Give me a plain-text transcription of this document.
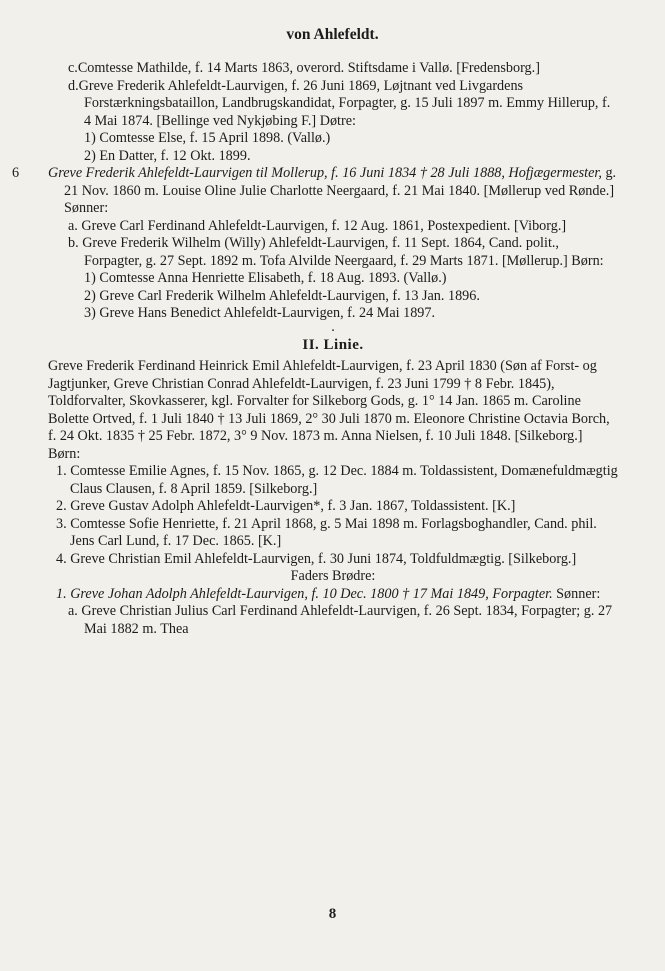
von Ahlefeldt.

c.Comtesse Mathilde, f. 14 Marts 1863, overord. Stiftsdame i Vallø. [Fredensborg.]

d.Greve Frederik Ahlefeldt-Laurvigen, f. 26 Juni 1869, Løjtnant ved Livgardens Forstærkningsbataillon, Landbrugskandidat, Forpagter, g. 15 Juli 1897 m. Emmy Hillerup, f. 4 Mai 1874. [Bellinge ved Nykjøbing F.] Døtre:

1) Comtesse Else, f. 15 April 1898. (Vallø.)

2) En Datter, f. 12 Okt. 1899.

6	Greve Frederik Ahlefeldt-Laurvigen til Mollerup, f. 16 Juni 1834 † 28 Juli 1888, Hofjægermester, g. 21 Nov. 1860 m. Louise Oline Julie Charlotte Neergaard, f. 21 Mai 1840. [Møllerup ved Rønde.] Sønner:

a. Greve Carl Ferdinand Ahlefeldt-Laurvigen, f. 12 Aug. 1861, Postexpedient. [Viborg.]

b. Greve Frederik Wilhelm (Willy) Ahlefeldt-Laurvigen, f. 11 Sept. 1864, Cand. polit., Forpagter, g. 27 Sept. 1892 m. Tofa Alvilde Neergaard, f. 29 Marts 1871. [Møllerup.] Børn:

1) Comtesse Anna Henriette Elisabeth, f. 18 Aug. 1893. (Vallø.)

2) Greve Carl Frederik Wilhelm Ahlefeldt-Laurvigen, f. 13 Jan. 1896.

3) Greve Hans Benedict Ahlefeldt-Laurvigen, f. 24 Mai 1897.

.

II. Linie.

Greve Frederik Ferdinand Heinrick Emil Ahlefeldt-Laurvigen, f. 23 April 1830 (Søn af Forst- og Jagtjunker, Greve Christian Conrad Ahlefeldt-Laurvigen, f. 23 Juni 1799 † 8 Febr. 1845), Toldforvalter, Skovkasserer, kgl. Forvalter for Silkeborg Gods, g. 1° 14 Jan. 1865 m. Caroline Bolette Ortved, f. 1 Juli 1840 † 13 Juli 1869, 2° 30 Juli 1870 m. Eleonore Christine Octavia Borch, f. 24 Okt. 1835 † 25 Febr. 1872, 3° 9 Nov. 1873 m. Anna Nielsen, f. 10 Juli 1848. [Silkeborg.] Børn:

1. Comtesse Emilie Agnes, f. 15 Nov. 1865, g. 12 Dec. 1884 m. Toldassistent, Domænefuldmægtig Claus Clausen, f. 8 April 1859. [Silkeborg.]

2. Greve Gustav Adolph Ahlefeldt-Laurvigen*, f. 3 Jan. 1867, Toldassistent. [K.]

3. Comtesse Sofie Henriette, f. 21 April 1868, g. 5 Mai 1898 m. Forlagsboghandler, Cand. phil. Jens Carl Lund, f. 17 Dec. 1865. [K.]

4. Greve Christian Emil Ahlefeldt-Laurvigen, f. 30 Juni 1874, Toldfuldmægtig. [Silkeborg.]

Faders Brødre:

1. Greve Johan Adolph Ahlefeldt-Laurvigen, f. 10 Dec. 1800 † 17 Mai 1849, Forpagter. Sønner:

a. Greve Christian Julius Carl Ferdinand Ahlefeldt-Laurvigen, f. 26 Sept. 1834, Forpagter; g. 27 Mai 1882 m. Thea

8
